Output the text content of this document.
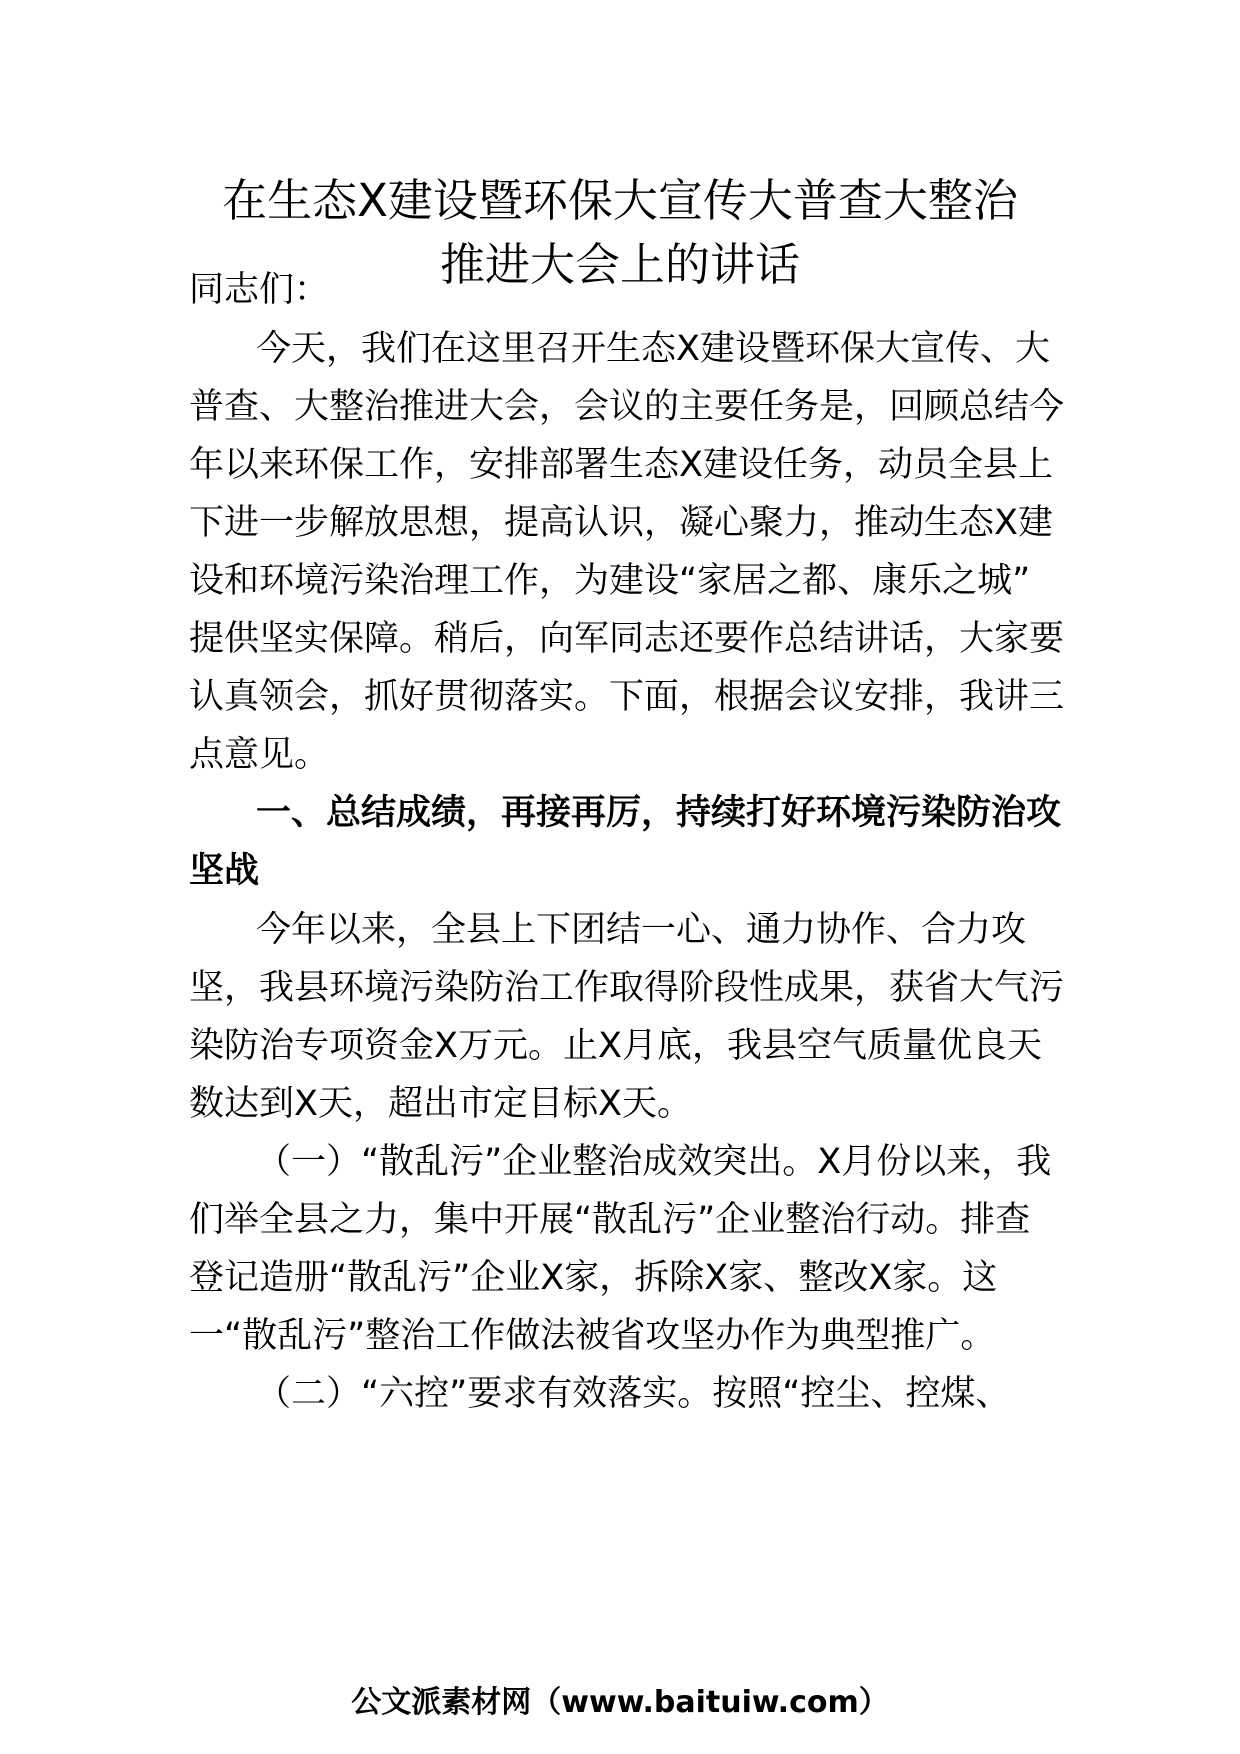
在生态Ⅹ建设暨环保大宣传大普查大整治
推进大会上的讲话

同志们：

今天，我们在这里召开生态Ⅹ建设暨环保大宣传、大

普查、大整治推进大会，会议的主要任务是，回顾总结今

年以来环保工作，安排部署生态Ⅹ建设任务，动员全县上

下进一步解放思想，提高认识，凝心聚力，推动生态Ⅹ建

设和环境污染治理工作，为建设“家居之都、康乐之城”

提供坚实保障。稍后，向军同志还要作总结讲话，大家要

认真领会，抓好贯彻落实。下面，根据会议安排，我讲三

点意见。

一、总结成绩，再接再厉，持续打好环境污染防治攻

坚战

今年以来，全县上下团结一心、通力协作、合力攻

坚，我县环境污染防治工作取得阶段性成果，获省大气污

染防治专项资金Ⅹ万元。止Ⅹ月底，我县空气质量优良天

数达到Ⅹ天，超出市定目标Ⅹ天。

（一）“散乱污”企业整治成效突出。Ⅹ月份以来，我

们举全县之力，集中开展“散乱污”企业整治行动。排查

登记造册“散乱污”企业Ⅹ家，拆除Ⅹ家、整改Ⅹ家。这

一“散乱污”整治工作做法被省攻坚办作为典型推广。

（二）“六控”要求有效落实。按照“控尘、控煤、

公文派素材网（www.baituiw.com）
